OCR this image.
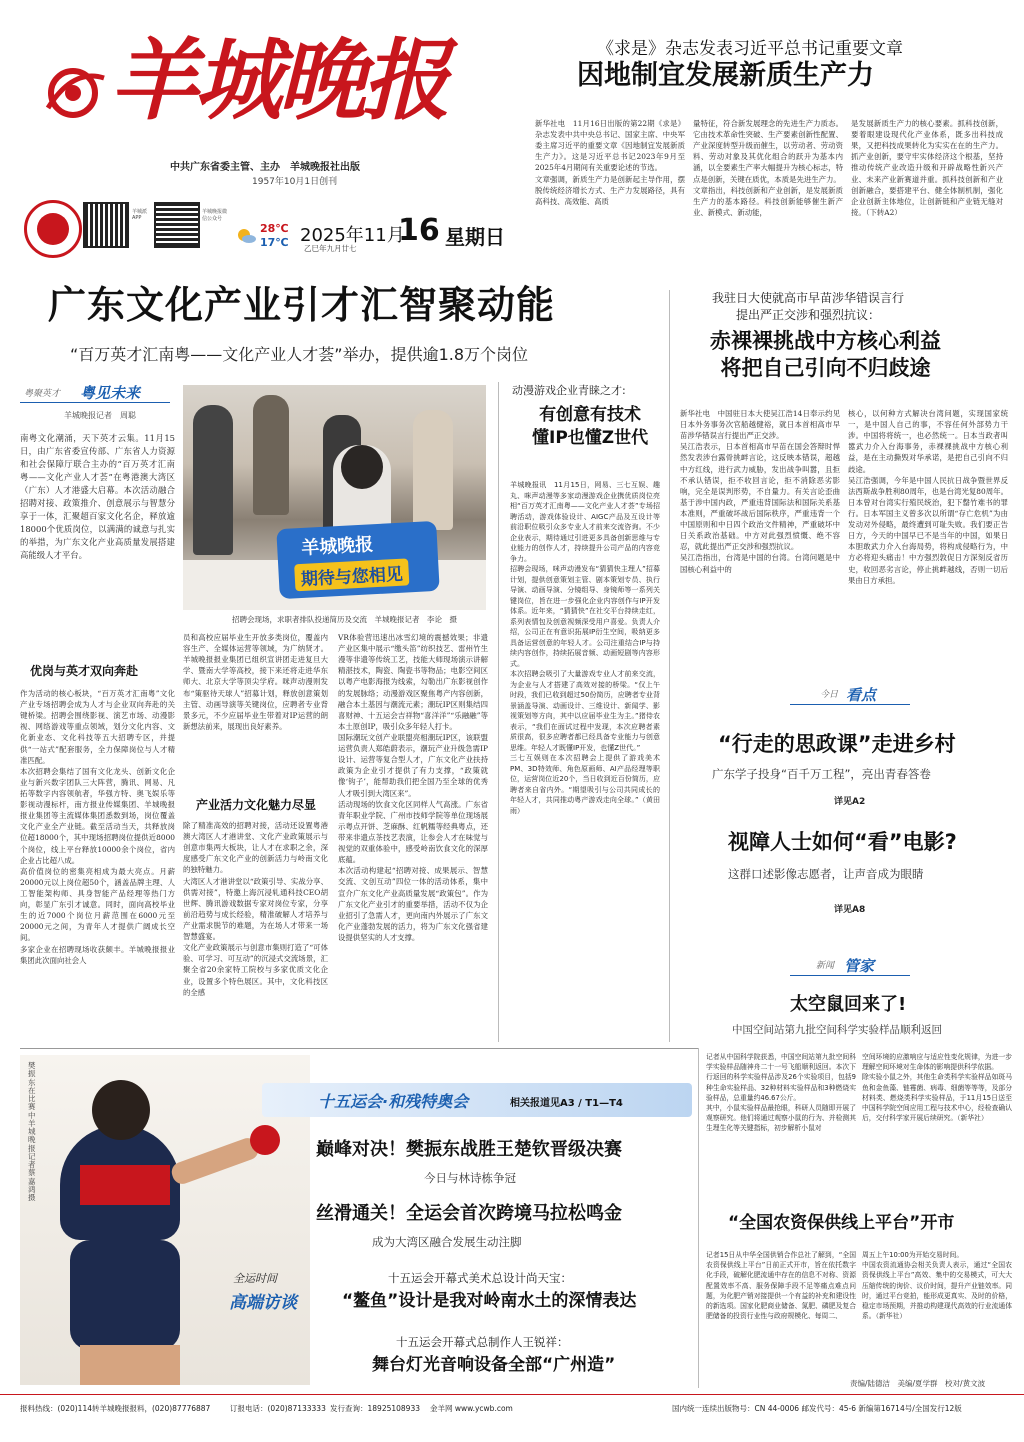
羊城晚报
中共广东省委主管、主办　羊城晚报社出版
1957年10月1日创刊
羊城派 APP
羊城晚报微信公众号
28℃
17℃ 2025年11月
乙巳年九月廿七
16 星期日
《求是》杂志发表习近平总书记重要文章
因地制宜发展新质生产力
新华社电　11月16日出版的第22期《求是》杂志发表中共中央总书记、国家主席、中央军委主席习近平的重要文章《因地制宜发展新质生产力》。这是习近平总书记2023年9月至2025年4月期间有关重要论述的节选。
文章强调，新质生产力是创新起主导作用，摆脱传统经济增长方式、生产力发展路径，具有高科技、高效能、高质
量特征，符合新发展理念的先进生产力质态。它由技术革命性突破、生产要素创新性配置、产业深度转型升级而催生，以劳动者、劳动资料、劳动对象及其优化组合的跃升为基本内涵，以全要素生产率大幅提升为核心标志，特点是创新，关键在质优，本质是先进生产力。
文章指出，科技创新和产业创新，是发展新质生产力的基本路径。科技创新能够催生新产业、新模式、新动能，
是发展新质生产力的核心要素。抓科技创新，要着眼建设现代化产业体系，既多出科技成果，又把科技成果转化为实实在在的生产力。抓产业创新，要守牢实体经济这个根基，坚持推动传统产业改造升级和开辟战略性新兴产业、未来产业新赛道并重。抓科技创新和产业创新融合，要搭建平台、健全体制机制，强化企业创新主体地位，让创新链和产业链无缝对接。（下转A2）
广东文化产业引才汇智聚动能
“百万英才汇南粤——文化产业人才荟”举办，提供逾1.8万个岗位
粤聚英才 粤见未来
羊城晚报记者　周聪
南粤文化潮涌，天下英才云集。11月15日，由广东省委宣传部、广东省人力资源和社会保障厅联合主办的“百万英才汇南粤——文化产业人才荟”在粤港澳大湾区（广东）人才港盛大启幕。本次活动融合招聘对接、政策推介、创意展示与智慧分享于一体，汇聚超百家文化名企，释放逾18000个优质岗位，以满满的诚意与扎实的举措，为广东文化产业高质量发展搭建高能级人才平台。	羊城晚报
期待与您相见
招聘会现场，求职者排队投递简历及交流　羊城晚报记者　李论　摄
优岗与英才双向奔赴
作为活动的核心板块，“百万英才汇南粤”文化产业专场招聘会成为人才与企业双向奔赴的关键桥梁。招聘会围绕影视、演艺市场、动漫影视、网络游戏等重点领域，划分文化内容、文化新业态、文化科技等五大招聘专区，并提供“一站式”配套服务，全力保障岗位与人才精准匹配。
本次招聘会集结了国有文化龙头、创新文化企业与新兴数字团队三大阵营，腾讯、网易、凡拓等数字内容领航者，华强方特、奥飞娱乐等影视动漫标杆，南方报业传媒集团、羊城晚报报业集团等主流媒体集团悉数到场，岗位覆盖文化产业全产业链。截至活动当天，共释放岗位超18000个，其中现场招聘岗位提供近8000个岗位，线上平台释放10000余个岗位，省内企业占比超八成。
高价值岗位的密集亮相成为最大亮点。月薪20000元以上岗位超50个，涵盖品牌主理、人工智能架构师、具身智能产品经理等热门方向，彰显广东引才诚意。同时，面向高校毕业生的近7000个岗位月薪范围在6000元至20000元之间，为青年人才提供广阔成长空间。
多家企业在招聘现场收获颇丰。羊城晚报报业集团此次面向社会人
员和高校应届毕业生开放多类岗位，覆盖内容生产、全媒体运营等领域，为广纳贤才。羊城晚报报业集团已组织宣讲团走进复旦大学、暨南大学等高校，接下来还将走进华东师大、北京大学等顶尖学府。咪声动漫则发布“策驱待天球人”招募计划，释放创意策划主管、动画导演等关键岗位，应聘者专业背景多元，不少应届毕业生带着对IP运营的朗新想法前来，展现出良好素养。
产业活力文化魅力尽显
除了精准高效的招聘对接，活动还设置粤港澳大湾区人才港讲堂、文化产业政策展示与创意市集两大板块，让人才在求职之余，深度感受广东文化产业的创新活力与岭南文化的独特魅力。
大湾区人才港讲堂以“政策引导、实战分享、供需对接”，特邀上海沉浸轧通科技CEO胡世辉、腾讯游戏数据专家对岗位专家，分享前沿趋势与成长经验，精准破解人才培养与产业需求脱节的难题，为在场人才带来一场智慧盛宴。
文化产业政策展示与创意市集则打造了“可体验、可学习、可互动”的沉浸式交流场景，汇聚全省20余家特工院校与多家优质文化企业，设置多个特色展区。其中，文化科技区的全感
VR体验营迅速出冰雪幻境的震撼效果；非遗产业区集中展示“缴头笛”纺织技艺、雷州竹生漫等非遗等传统工艺，技能大师现场演示讲解精湛技术，陶瓷、陶瓷书等物品；电影空间区以粤产电影海报为线索，勾勒出广东影视创作的发展脉络；动漫游戏区聚焦粤产内容创新，融合本土基因与潮流元素；潮玩IP区则集结四喜财神、十五运会吉祥物“喜洋洋”“乐融融”等本土原创IP，吸引众多年轻人打卡。
国际潮玩文创产业联盟亮相潮玩IP区，该联盟运营负责人郑皓蔚表示，潮玩产业升级急需IP设计、运营等复合型人才，广东文化产业扶持政策为企业引才提供了有力支撑，“政策就像‘钩子’，能帮助我们把全国乃至全球的优秀人才吸引到大湾区来”。
活动现场的饮食文化区同样人气高涨。广东省青年职业学院、广州市技师学院等单位现场展示粤点开饼、芝麻酥、红帆糯等经典粤点，还带来非遗点茶技艺表演，让参会人才在味觉与视觉的双重体验中，感受岭南饮食文化的深厚底蕴。
本次活动构建起“招聘对接、成果展示、智慧交流、文创互动”四位一体的活动体系，集中宣介广东文化产业高质量发展“政策包”。作为广东文化产业引才的重要举措，活动不仅为企业招引了急需人才，更向南内外展示了广东文化产业蓬勃发展的活力，将为广东文化强省建设提供坚实的人才支撑。
动漫游戏企业青睐之才:
有创意有技术
懂IP也懂Z世代
羊城晚报讯　11月15日，网易、三七互娱、趣丸、咪声动漫等多家动漫游戏企业携优质岗位亮相“百万英才汇南粤——文化产业人才荟”专场招聘活动，游戏体验设计、AIGC产品及互设计等前沿职位吸引众多专业人才前来交流咨询。不少企业表示，期待通过引进更多具备创新思维与专业能力的创作人才，持续提升公司产品的内容竞争力。
招聘会现场，咪声动漫发布“猜猜快主理人”招募计划，提供创意策划主管、剧本策划专员、执行导演、动画导演、分镜组导、身镜师等一系列关键岗位，旨在进一步强化企业内容创作与IP开发体系。近年来，“猜猜快”在社交平台持续走红，系列表情包及创意视频深受用户喜爱。负责人介绍，公司正在有意识拓展IP衍生空间，吸纳更多具备运营创意的年轻人才。公司注重结合IP与持续内容创作，持续拓展音频、动画短剧等内容形式。
本次招聘会吸引了大量游戏专业人才前来交流，为企业与人才搭建了高效对接的桥梁。“仅上午时段，我们已收到超过50份简历，应聘者专业背景涵盖导演、动画设计、三维设计、新闻学、影视策划等方向，其中以应届毕业生为主。”猪侍农表示，“我们在面试过程中发现，本次应聘者素质很高，很多应聘者都已经具备专业能力与创意思维。年轻人才既懂IP开发，也懂Z世代。”
三七互娱则在本次招聘会上提供了游戏美术PM、3D特效师、角色原画师、AI产品经理等职位，运营岗位近20个，当日收到近百份简历，应聘者来自省内外。“期望吸引与公司共同成长的年轻人才，共同推动粤产游戏走向全球。”（黄田雨）
我驻日大使就高市早苗涉华错误言行
提出严正交涉和强烈抗议：
赤裸裸挑战中方核心利益
将把自己引向不归歧途
新华社电　中国驻日本大使吴江浩14日奉示约见日本外务事务次官船越健裕，就日本首相高市早苗涉华错误言行提出严正交涉。
吴江浩表示，日本首相高市早苗在国会答辩时悍然发表涉台露骨挑衅言论，这反映本错误，超越中方红线，进行武力威胁，发出战争叫嚣，且拒不承认错误，拒不收回言论，拒不消除恶劣影响，完全是误判形势，不自量力。有关言论歪曲基于涉中国内政，严重违背国际法和国际关系基本准则，严重破坏战后国际秩序，严重违背一个中国原则和中日四个政治文件精神，严重破坏中日关系政治基础。中方对此强烈愤慨、绝不容忍，就此提出严正交涉和强烈抗议。
吴江浩指出，台湾是中国的台湾。台湾问题是中国核心利益中的
核心，以何种方式解决台湾问题，实现国家统一，是中国人自己的事，不容任何外部势力干涉。中国将将统一，也必然统一。日本当政者叫嚣武力介入台海事务，赤裸裸挑战中方核心利益，是在主动撕毁对华承诺，是把自己引向不归歧途。
吴江浩强调，今年是中国人民抗日战争暨世界反法西斯战争胜利80周年，也是台湾光复80周年。日本曾对台湾实行殖民统治，犯下罄竹难书的罪行。日本军国主义曾多次以所谓“存亡危机”为由发动对外侵略，最终遭到可耻失败。我们要正告日方，今天的中国早已不是当年的中国，如果日本胆敢武力介入台海局势，将构成侵略行为，中方必将迎头痛击！中方强烈敦促日方深刻反省历史，收回恶劣言论，停止挑衅越线，否则一切后果由日方承担。
今日 看点
“行走的思政课”走进乡村
广东学子投身“百千万工程”，亮出青春答卷
详见A2
视障人士如何“看”电影?
这群口述影像志愿者，让声音成为眼睛
详见A8
新闻 管家
太空鼠回来了!
中国空间站第九批空间科学实验样品顺利返回
记者从中国科学院获悉，中国空间站第九批空间科学实验样品随神舟二十一号飞船顺利返回。本次下行返回的科学实验样品涉及26个实验项目，包括9种生命实验样品、32种材料实验样品和3种燃烧实验样品，总重量约46.67公斤。
其中，小鼠实验样品最抢眼，科研人员随即开展了观察研究。他们将通过观察小鼠的行为、并检测其生理生化等关键指标，初步解析小鼠对
空间环境的应激响应与适应性变化规律，为进一步理解空间环境对生命体的影响提供科学依据。
除实验小鼠之外，其他生命类科学实验样品如斑马鱼和金鱼藻、链霉菌、病毒、细菌等等等，及部分材料类、燃烧类科学实验样品，于11月15日送至中国科学院空间应用工程与技术中心，经检查确认后，交付科学家开展后续研究。（新华社）
“全国农资保供线上平台”开市
记者15日从中华全国供销合作总社了解到，“全国农资保供线上平台”日前正式开市，旨在依托数字化手段，破解化肥流通中存在的信息不对称、资源配置效率不高、服务保障手段不足等痛点难点问题，为化肥产销对接提供一个有益的补充和建设性的新选项。国家化肥商业储备、氮肥、磷肥及复合肥储备的投资行业性与政府规模化、每周二、
周五上午10:00为开始交易时间。
中国农资流通协会相关负责人表示，通过“全国农资保供线上平台”高效、集中的交易模式，可大大压缩传统的询价、议价时间，提升产业链效率。同时，通过平台竞拍，能形成更真实、及时的价格，稳定市场预期，并推动构建现代高效的行业流通体系。（新华社）
樊振东在比赛中　羊城晚报记者　蔡嘉鸿　摄
十五运会·和残特奥会	相关报道见A3 / T1—T4
巅峰对决！樊振东战胜王楚钦晋级决赛
今日与林诗栋争冠
丝滑通关！全运会首次跨境马拉松鸣金
成为大湾区融合发展生动注脚
全运时间
高端访谈
十五运会开幕式美术总设计尚天宝：
“鳌鱼”设计是我对岭南水土的深情表达
十五运会开幕式总制作人王锐祥：
舞台灯光音响设备全部“广州造”
责编/陆德洁　美编/夏学群　校对/黄文波
报料热线：(020)114转羊城晚报报料，(020)87776887	订报电话：(020)87133333 发行查询：18925108933 金羊网 www.ycwb.com	国内统一连续出版物号：CN 44-0006 邮发代号：45-6 新编第16714号/全国发行12版
